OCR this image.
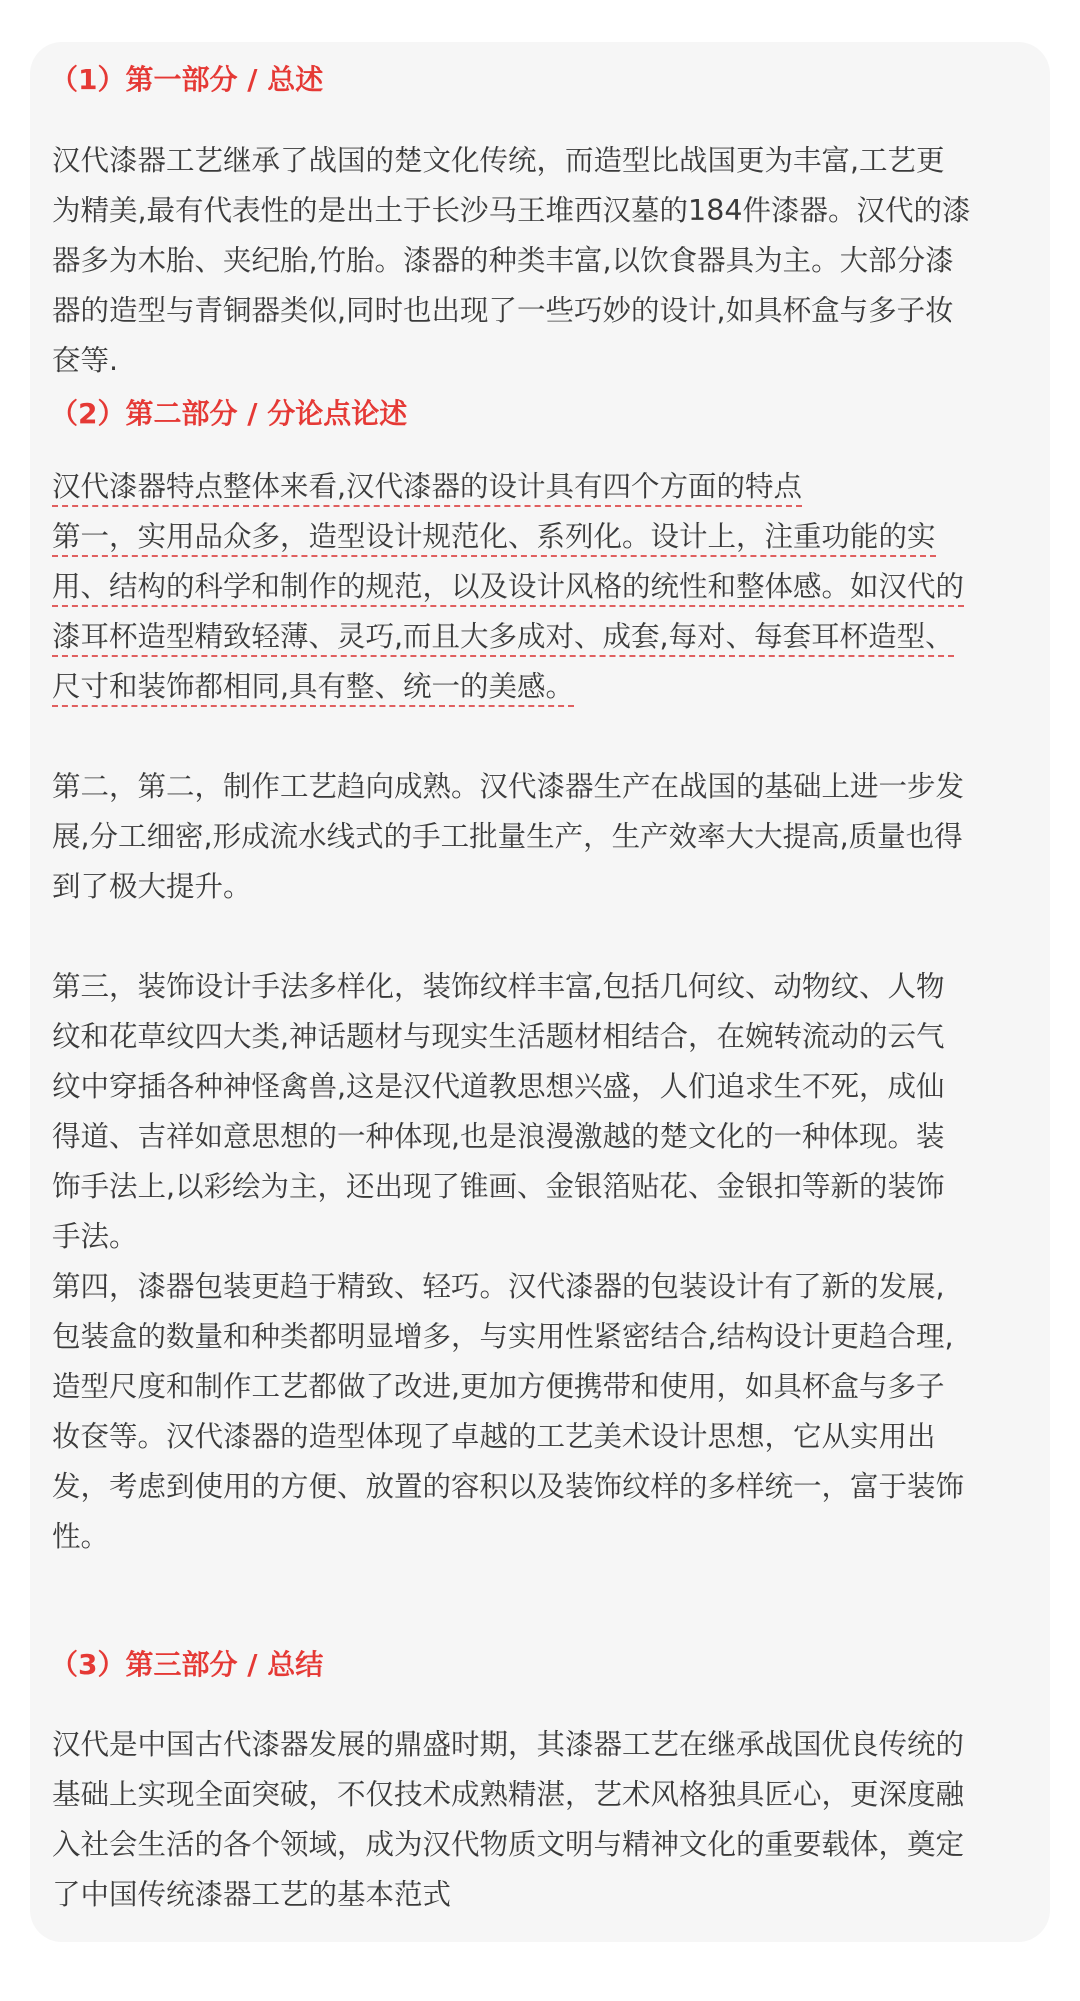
（1）第一部分 / 总述

汉代漆器工艺继承了战国的楚文化传统，而造型比战国更为丰富,工艺更
为精美,最有代表性的是出土于长沙马王堆西汉墓的184件漆器。汉代的漆
器多为木胎、夹纪胎,竹胎。漆器的种类丰富,以饮食器具为主。大部分漆
器的造型与青铜器类似,同时也出现了一些巧妙的设计,如具杯盒与多子妆
奁等.

（2）第二部分 / 分论点论述

汉代漆器特点整体来看,汉代漆器的设计具有四个方面的特点
第一，实用品众多，造型设计规范化、系列化。设计上，注重功能的实
用、结构的科学和制作的规范，以及设计风格的统性和整体感。如汉代的
漆耳杯造型精致轻薄、灵巧,而且大多成对、成套,每对、每套耳杯造型、
尺寸和装饰都相同,具有整、统一的美感。

第二，第二，制作工艺趋向成熟。汉代漆器生产在战国的基础上进一步发
展,分工细密,形成流水线式的手工批量生产，生产效率大大提高,质量也得
到了极大提升。

第三，装饰设计手法多样化，装饰纹样丰富,包括几何纹、动物纹、人物
纹和花草纹四大类,神话题材与现实生活题材相结合，在婉转流动的云气
纹中穿插各种神怪禽兽,这是汉代道教思想兴盛，人们追求生不死，成仙
得道、吉祥如意思想的一种体现,也是浪漫激越的楚文化的一种体现。装
饰手法上,以彩绘为主，还出现了锥画、金银箔贴花、金银扣等新的装饰
手法。

第四，漆器包装更趋于精致、轻巧。汉代漆器的包装设计有了新的发展,
包装盒的数量和种类都明显增多，与实用性紧密结合,结构设计更趋合理,
造型尺度和制作工艺都做了改进,更加方便携带和使用，如具杯盒与多子
妆奁等。汉代漆器的造型体现了卓越的工艺美术设计思想，它从实用出
发，考虑到使用的方便、放置的容积以及装饰纹样的多样统一，富于装饰
性。

（3）第三部分 / 总结

汉代是中国古代漆器发展的鼎盛时期，其漆器工艺在继承战国优良传统的
基础上实现全面突破，不仅技术成熟精湛，艺术风格独具匠心，更深度融
入社会生活的各个领域，成为汉代物质文明与精神文化的重要载体，奠定
了中国传统漆器工艺的基本范式
